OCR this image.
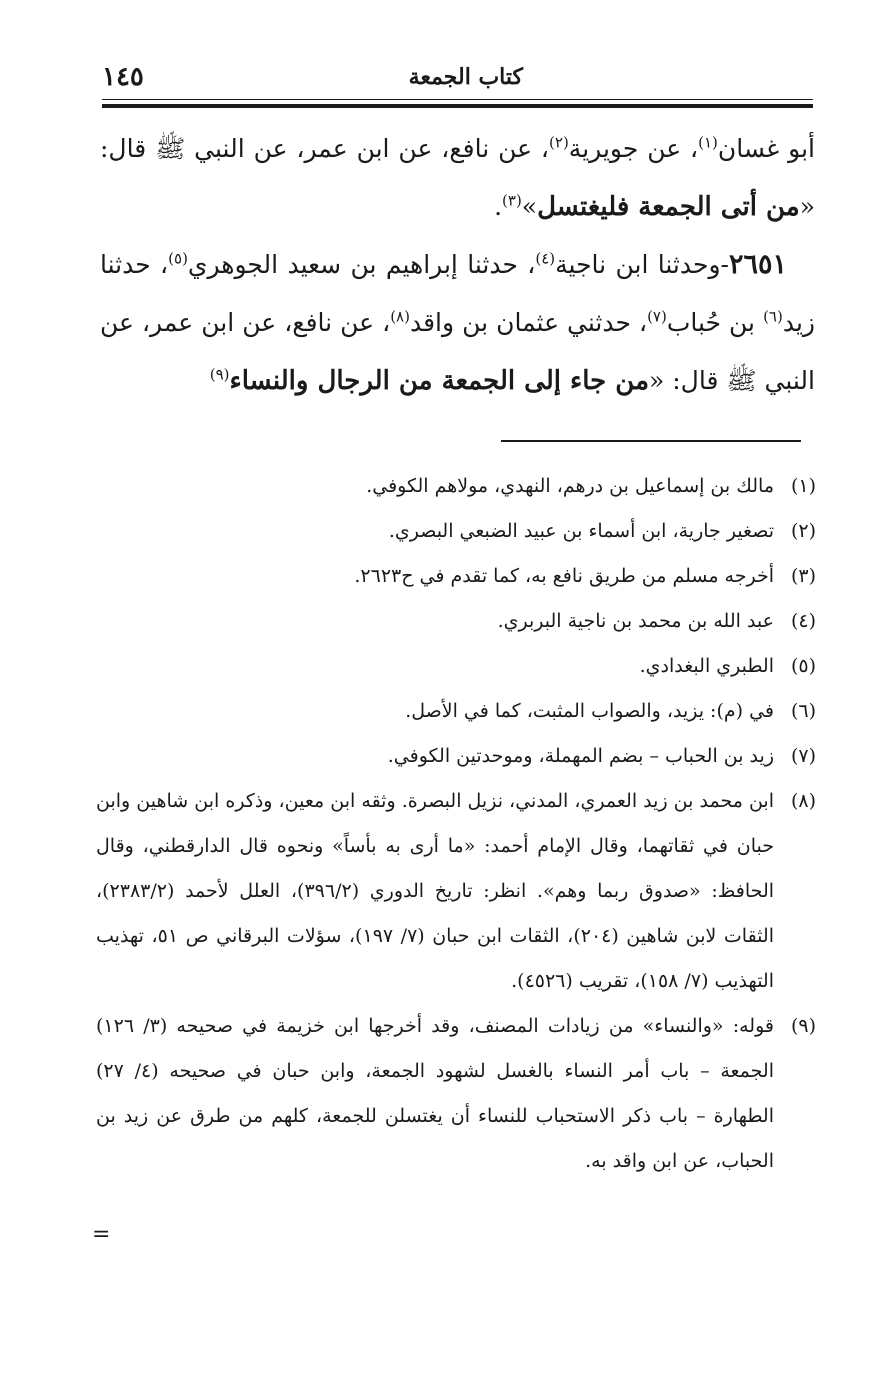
كتاب الجمعة
١٤٥

أبو غسان$^{(١)}$، عن جويرية$^{(٢)}$، عن نافع، عن ابن عمر، عن النبي ﷺ قال: «من أتى الجمعة فليغتسل»$^{(٣)}$.

٢٦٥١-وحدثنا ابن ناجية$^{(٤)}$، حدثنا إبراهيم بن سعيد الجوهري$^{(٥)}$، حدثنا زيد$^{(٦)}$ بن حُباب$^{(٧)}$، حدثني عثمان بن واقد$^{(٨)}$، عن نافع، عن ابن عمر، عن النبي ﷺ قال: «من جاء إلى الجمعة من الرجال والنساء$^{(٩)}$

(١)
مالك بن إسماعيل بن درهم، النهدي، مولاهم الكوفي.
(٢)
تصغير جارية، ابن أسماء بن عبيد الضبعي البصري.
(٣)
أخرجه مسلم من طريق نافع به، كما تقدم في ح٢٦٢٣.
(٤)
عبد الله بن محمد بن ناجية البربري.
(٥)
الطبري البغدادي.
(٦)
في (م): يزيد، والصواب المثبت، كما في الأصل.
(٧)
زيد بن الحباب – بضم المهملة، وموحدتين الكوفي.
(٨)
ابن محمد بن زيد العمري، المدني، نزيل البصرة. وثقه ابن معين، وذكره ابن شاهين وابن حبان في ثقاتهما، وقال الإمام أحمد: «ما أرى به بأساً» ونحوه قال الدارقطني، وقال الحافظ: «صدوق ربما وهم». انظر: تاريخ الدوري (٣٩٦/٢)، العلل لأحمد (٢٣٨٣/٢)، الثقات لابن شاهين (٢٠٤)، الثقات ابن حبان (٧/ ١٩٧)، سؤلات البرقاني ص ٥١، تهذيب التهذيب (٧/ ١٥٨)، تقريب (٤٥٢٦).
(٩)
قوله: «والنساء» من زيادات المصنف، وقد أخرجها ابن خزيمة في صحيحه (٣/ ١٢٦) الجمعة – باب أمر النساء بالغسل لشهود الجمعة، وابن حبان في صحيحه (٤/ ٢٧) الطهارة – باب ذكر الاستحباب للنساء أن يغتسلن للجمعة، كلهم من طرق عن زيد بن الحباب، عن ابن واقد به.
=
